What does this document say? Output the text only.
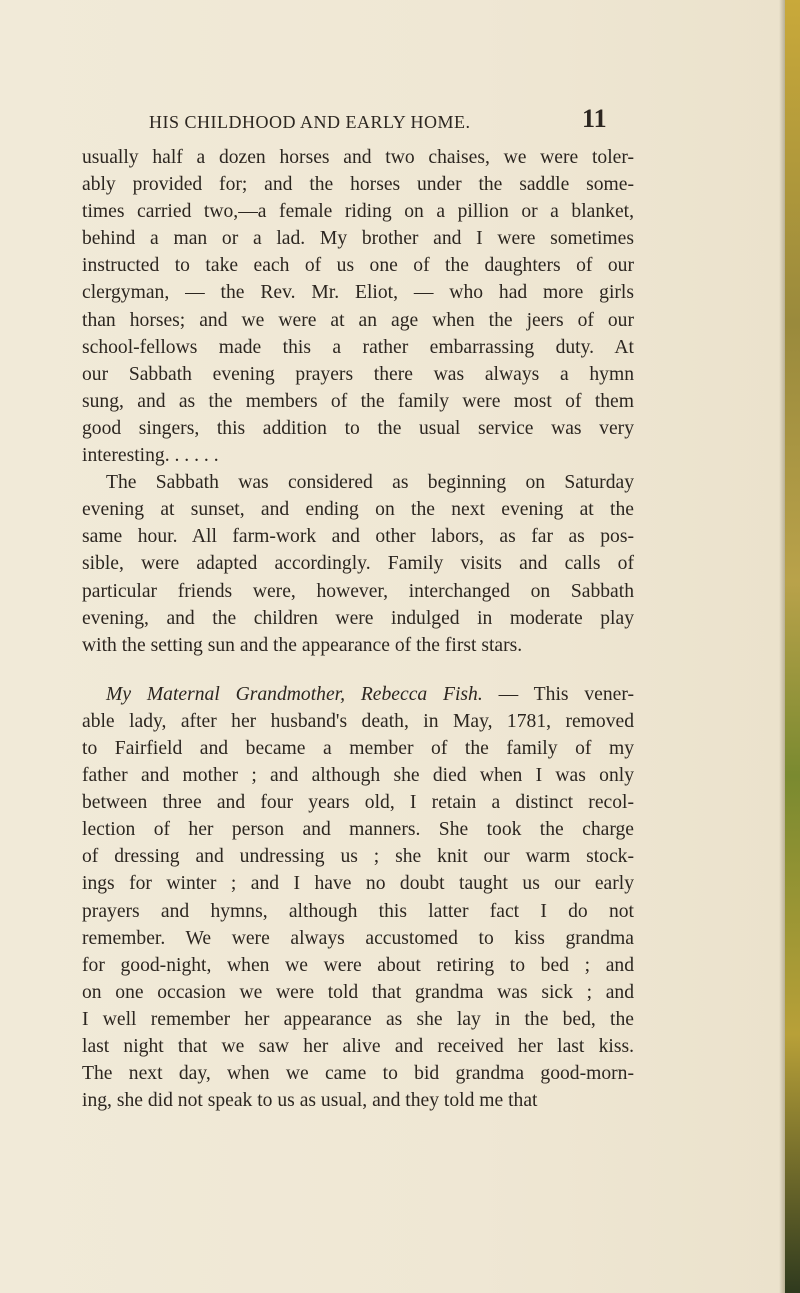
HIS CHILDHOOD AND EARLY HOME.	11
usually half a dozen horses and two chaises, we were toler-
ably provided for; and the horses under the saddle some-
times carried two,—a female riding on a pillion or a blanket,
behind a man or a lad. My brother and I were sometimes
instructed to take each of us one of the daughters of our
clergyman, — the Rev. Mr. Eliot, — who had more girls
than horses; and we were at an age when the jeers of our
school-fellows made this a rather embarrassing duty. At
our Sabbath evening prayers there was always a hymn
sung, and as the members of the family were most of them
good singers, this addition to the usual service was very
interesting. . . . . .
The Sabbath was considered as beginning on Saturday
evening at sunset, and ending on the next evening at the
same hour. All farm-work and other labors, as far as pos-
sible, were adapted accordingly. Family visits and calls of
particular friends were, however, interchanged on Sabbath
evening, and the children were indulged in moderate play
with the setting sun and the appearance of the first stars.
My Maternal Grandmother, Rebecca Fish. — This vener-
able lady, after her husband's death, in May, 1781, removed
to Fairfield and became a member of the family of my
father and mother ; and although she died when I was only
between three and four years old, I retain a distinct recol-
lection of her person and manners. She took the charge
of dressing and undressing us ; she knit our warm stock-
ings for winter ; and I have no doubt taught us our early
prayers and hymns, although this latter fact I do not
remember. We were always accustomed to kiss grandma
for good-night, when we were about retiring to bed ; and
on one occasion we were told that grandma was sick ; and
I well remember her appearance as she lay in the bed, the
last night that we saw her alive and received her last kiss.
The next day, when we came to bid grandma good-morn-
ing, she did not speak to us as usual, and they told me that
